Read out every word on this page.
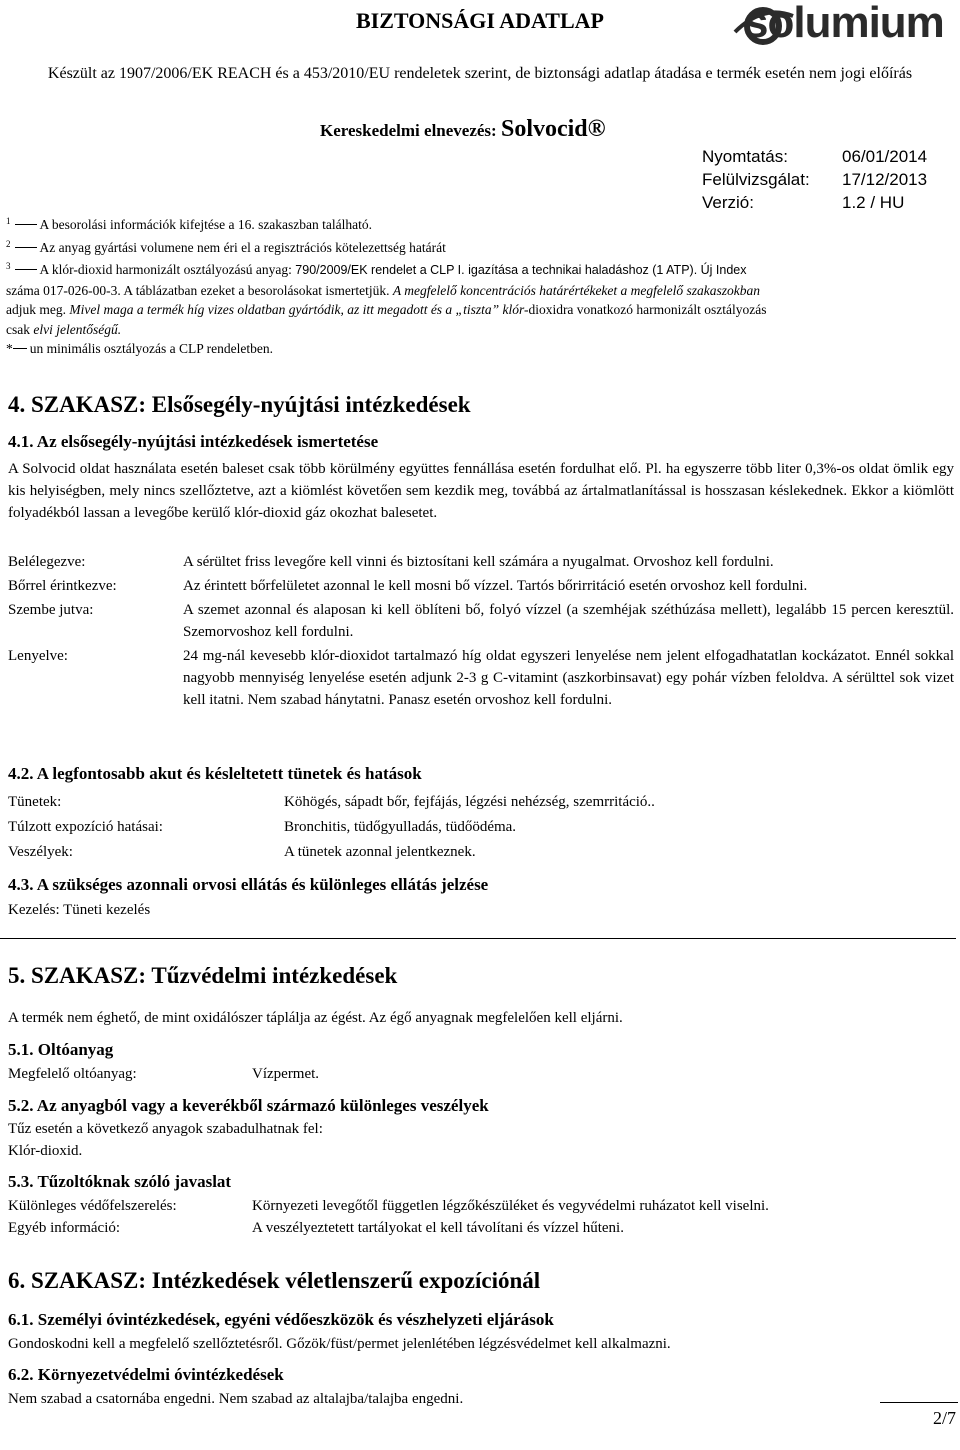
BIZTONSÁGI ADATLAP	solumium
Készült az 1907/2006/EK REACH és a 453/2010/EU rendeletek szerint, de biztonsági adatlap átadása e termék esetén nem jogi előírás
Kereskedelmi elnevezés: Solvocid®
Nyomtatás:	06/01/2014
Felülvizsgálat:	17/12/2013
Verzió:	1.2 / HU

$^1$ A besorolási információk kifejtése a 16. szakaszban található.

$^2$ Az anyag gyártási volumene nem éri el a regisztrációs kötelezettség határát

$^3$ A klór-dioxid harmonizált osztályozású anyag: 790/2009/EK rendelet a CLP I. igazítása a technikai haladáshoz (1 ATP). Új Index

száma 017-026-00-3. A táblázatban ezeket a besorolásokat ismertetjük. A megfelelő koncentrációs határértékeket a megfelelő szakaszokban

adjuk meg. Mivel maga a termék híg vizes oldatban gyártódik, az itt megadott és a „tiszta” klór-dioxidra vonatkozó harmonizált osztályozás

csak elvi jelentőségű.

* un minimális osztályozás a CLP rendeletben.

4. SZAKASZ: Elsősegély-nyújtási intézkedések
4.1. Az elsősegély-nyújtási intézkedések ismertetése
A Solvocid oldat használata esetén baleset csak több körülmény együttes fennállása esetén fordulhat elő. Pl. ha egyszerre több liter 0,3%-os oldat ömlik egy kis helyiségben, mely nincs szellőztetve, azt a kiömlést követően sem kezdik meg, továbbá az ártalmatlanítással is hosszasan késlekednek. Ekkor a kiömlött folyadékból lassan a levegőbe kerülő klór-dioxid gáz okozhat balesetet.
Belélegezve:	A sérültet friss levegőre kell vinni és biztosítani kell számára a nyugalmat. Orvoshoz kell fordulni.
Bőrrel érintkezve:	Az érintett bőrfelületet azonnal le kell mosni bő vízzel. Tartós bőrirritáció esetén orvoshoz kell fordulni.
Szembe jutva:	A szemet azonnal és alaposan ki kell öblíteni bő, folyó vízzel (a szemhéjak széthúzása mellett), legalább 15 percen keresztül. Szemorvoshoz kell fordulni.
Lenyelve:	24 mg-nál kevesebb klór-dioxidot tartalmazó híg oldat egyszeri lenyelése nem jelent elfogadhatatlan kockázatot. Ennél sokkal nagyobb mennyiség lenyelése esetén adjunk 2-3 g C-vitamint (aszkorbinsavat) egy pohár vízben feloldva. A sérülttel sok vizet kell itatni. Nem szabad hánytatni. Panasz esetén orvoshoz kell fordulni.
4.2. A legfontosabb akut és késleltetett tünetek és hatások
Tünetek:	Köhögés, sápadt bőr, fejfájás, légzési nehézség, szemrritáció..
Túlzott expozíció hatásai:	Bronchitis, tüdőgyulladás, tüdőödéma.
Veszélyek:	A tünetek azonnal jelentkeznek.
4.3. A szükséges azonnali orvosi ellátás és különleges ellátás jelzése
Kezelés: Tüneti kezelés
5. SZAKASZ: Tűzvédelmi intézkedések
A termék nem éghető, de mint oxidálószer táplálja az égést. Az égő anyagnak megfelelően kell eljárni.
5.1. Oltóanyag
Megfelelő oltóanyag:	Vízpermet.
5.2. Az anyagból vagy a keverékből származó különleges veszélyek
Tűz esetén a következő anyagok szabadulhatnak fel:
Klór-dioxid.
5.3. Tűzoltóknak szóló javaslat
Különleges védőfelszerelés:	Környezeti levegőtől független légzőkészüléket és vegyvédelmi ruházatot kell viselni.
Egyéb információ:	A veszélyeztetett tartályokat el kell távolítani és vízzel hűteni.
6. SZAKASZ: Intézkedések véletlenszerű expozíciónál
6.1. Személyi óvintézkedések, egyéni védőeszközök és vészhelyzeti eljárások
Gondoskodni kell a megfelelő szellőztetésről. Gőzök/füst/permet jelenlétében légzésvédelmet kell alkalmazni.
6.2. Környezetvédelmi óvintézkedések
Nem szabad a csatornába engedni. Nem szabad az altalajba/talajba engedni.
2/7
